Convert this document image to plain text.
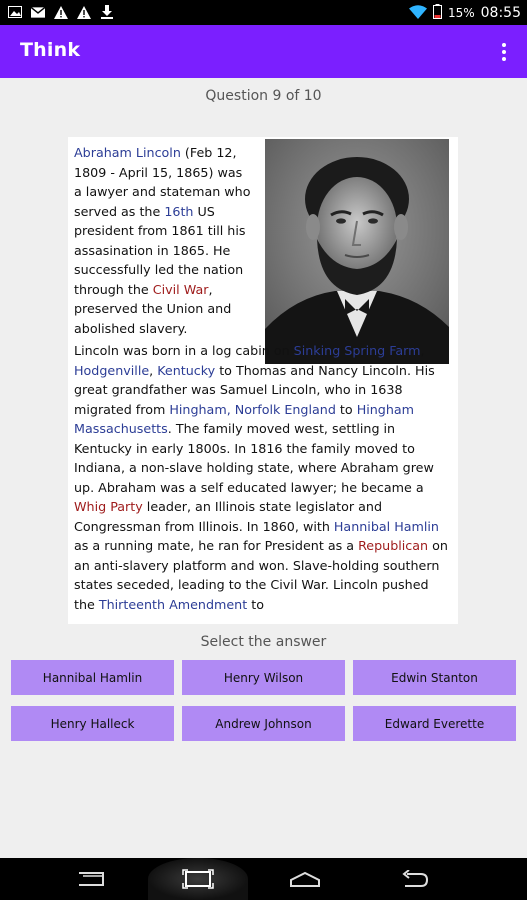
15% 08:55
Think
Question 9 of 10

Abraham Lincoln (Feb 12, 1809 - April 15, 1865) was a lawyer and stateman who served as the 16th US president from 1861 till his assasination in 1865. He successfully led the nation through the Civil War, preserved the Union and abolished slavery.

Lincoln was born in a log cabin on Sinking Spring Farm, Hodgenville, Kentucky to Thomas and Nancy Lincoln. His great grandfather was Samuel Lincoln, who in 1638 migrated from Hingham, Norfolk England to Hingham Massachusetts. The family moved west, settling in Kentucky in early 1800s. In 1816 the family moved to Indiana, a non-slave holding state, where Abraham grew up. Abraham was a self educated lawyer; he became a Whig Party leader, an Illinois state legislator and Congressman from Illinois. In 1860, with Hannibal Hamlin as a running mate, he ran for President as a Republican on an anti-slavery platform and won. Slave-holding southern states seceded, leading to the Civil War. Lincoln pushed the Thirteenth Amendment to

Select the answer
Hannibal Hamlin	Henry Wilson	Edwin Stanton
Henry Halleck	Andrew Johnson	Edward Everette
